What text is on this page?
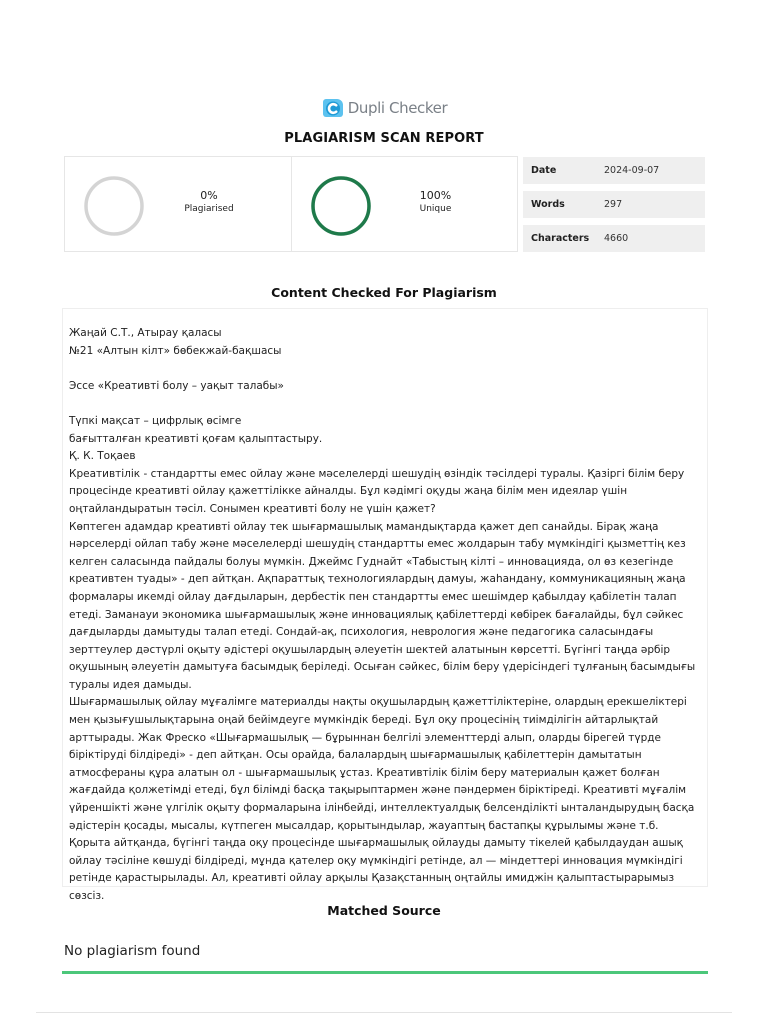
Dupli Checker
PLAGIARISM SCAN REPORT
0%
Plagiarised
100%
Unique
Date	2024-09-07
Words	297
Characters	4660
Content Checked For Plagiarism

Жаңай С.Т., Атырау қаласы
№21 «Алтын кілт» бөбекжай-бақшасы

Эссе «Креативті болу – уақыт талабы»

Түпкі мақсат – цифрлық өсімге
бағытталған креативті қоғам қалыптастыру.
Қ. К. Тоқаев
Креативтілік - стандартты емес ойлау және мәселелерді шешудің өзіндік тәсілдері туралы. Қазіргі білім беру процесінде креативті ойлау қажеттілікке айналды. Бұл кәдімгі оқуды жаңа білім мен идеялар үшін оңтайландыратын тәсіл. Сонымен креативті болу не үшін қажет?
Көптеген адамдар креативті ойлау тек шығармашылық мамандықтарда қажет деп санайды. Бірақ жаңа нәрселерді ойлап табу және мәселелерді шешудің стандартты емес жолдарын табу мүмкіндігі қызметтің кез келген саласында пайдалы болуы мүмкін. Джеймс Гуднайт «Табыстың кілті – инновацияда, ол өз кезегінде креативтен туады» - деп айтқан. Ақпараттық технологиялардың дамуы, жаһандану, коммуникацияның жаңа формалары икемді ойлау дағдыларын, дербестік пен стандартты емес шешімдер қабылдау қабілетін талап етеді. Заманауи экономика шығармашылық және инновациялық қабілеттерді көбірек бағалайды, бұл сәйкес дағдыларды дамытуды талап етеді. Сондай-ақ, психология, неврология және педагогика саласындағы зерттеулер дәстүрлі оқыту әдістері оқушылардың әлеуетін шектей алатынын көрсетті. Бүгінгі таңда әрбір оқушының әлеуетін дамытуға басымдық беріледі. Осыған сәйкес, білім беру үдерісіндегі тұлғаның басымдығы туралы идея дамыды.
Шығармашылық ойлау мұғалімге материалды нақты оқушылардың қажеттіліктеріне, олардың ерекшеліктері мен қызығушылықтарына оңай бейімдеуге мүмкіндік береді. Бұл оқу процесінің тиімділігін айтарлықтай арттырады. Жак Фреско «Шығармашылық — бұрыннан белгілі элементтерді алып, оларды бірегей түрде біріктіруді білдіреді» - деп айтқан. Осы орайда, балалардың шығармашылық қабілеттерін дамытатын атмосфераны құра алатын ол - шығармашылық ұстаз. Креативтілік білім беру материалын қажет болған жағдайда қолжетімді етеді, бұл білімді басқа тақырыптармен және пәндермен біріктіреді. Креативті мұғалім үйреншікті және үлгілік оқыту формаларына ілінбейді, интеллектуалдық белсенділікті ынталандырудың басқа әдістерін қосады, мысалы, күтпеген мысалдар, қорытындылар, жауаптың бастапқы құрылымы және т.б.
Қорыта айтқанда, бүгінгі таңда оқу процесінде шығармашылық ойлауды дамыту тікелей қабылдаудан ашық ойлау тәсіліне көшуді білдіреді, мұнда қателер оқу мүмкіндігі ретінде, ал — міндеттері инновация мүмкіндігі ретінде қарастырылады. Ал, креативті ойлау арқылы Қазақстанның оңтайлы имиджін қалыптастырарымыз сөзсіз.

Matched Source
No plagiarism found
